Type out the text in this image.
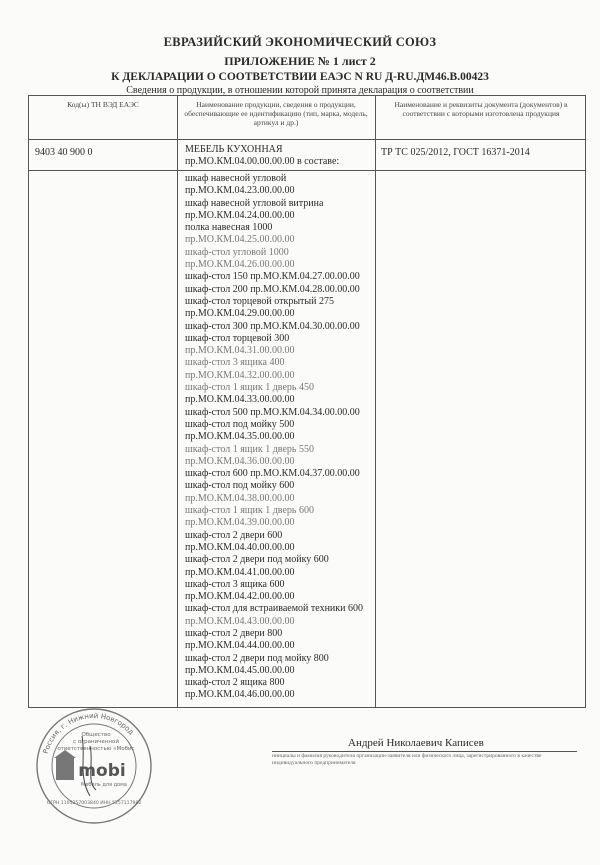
ЕВРАЗИЙСКИЙ ЭКОНОМИЧЕСКИЙ СОЮЗ
ПРИЛОЖЕНИЕ № 1 лист 2
К ДЕКЛАРАЦИИ О СООТВЕТСТВИИ ЕАЭС N RU Д-RU.ДМ46.В.00423
Сведения о продукции, в отношении которой принята декларация о соответствии
Код(ы) ТН ВЭД ЕАЭС	Наименование продукции, сведения о продукции, обеспечивающие ее идентификацию (тип, марка, модель, артикул и др.)
Наименование и реквизиты документа (документов) в соответствии с которыми изготовлена продукция
9403 40 900 0	МЕБЕЛЬ КУХОННАЯ
пр.МО.КМ.04.00.00.00.00 в составе:
ТР ТС 025/2012, ГОСТ 16371-2014
шкаф навесной угловой
пр.МО.КМ.04.23.00.00.00
шкаф навесной угловой витрина
пр.МО.КМ.04.24.00.00.00
полка навесная 1000
пр.МО.КМ.04.25.00.00.00
шкаф-стол угловой 1000
пр.МО.КМ.04.26.00.00.00
шкаф-стол 150 пр.МО.КМ.04.27.00.00.00
шкаф-стол 200 пр.МО.КМ.04.28.00.00.00
шкаф-стол торцевой открытый 275
пр.МО.КМ.04.29.00.00.00
шкаф-стол 300 пр.МО.КМ.04.30.00.00.00
шкаф-стол торцевой 300
пр.МО.КМ.04.31.00.00.00
шкаф-стол 3 ящика 400
пр.МО.КМ.04.32.00.00.00
шкаф-стол 1 ящик 1 дверь 450
пр.МО.КМ.04.33.00.00.00
шкаф-стол 500 пр.МО.КМ.04.34.00.00.00
шкаф-стол под мойку 500
пр.МО.КМ.04.35.00.00.00
шкаф-стол 1 ящик 1 дверь 550
пр.МО.КМ.04.36.00.00.00
шкаф-стол 600 пр.МО.КМ.04.37.00.00.00
шкаф-стол под мойку 600
пр.МО.КМ.04.38.00.00.00
шкаф-стол 1 ящик 1 дверь 600
пр.МО.КМ.04.39.00.00.00
шкаф-стол 2 двери 600
пр.МО.КМ.04.40.00.00.00
шкаф-стол 2 двери под мойку 600
пр.МО.КМ.04.41.00.00.00
шкаф-стол 3 ящика 600
пр.МО.КМ.04.42.00.00.00
шкаф-стол для встраиваемой техники 600
пр.МО.КМ.04.43.00.00.00
шкаф-стол 2 двери 800
пр.МО.КМ.04.44.00.00.00
шкаф-стол 2 двери под мойку 800
пр.МО.КМ.04.45.00.00.00
шкаф-стол 2 ящика 800
пр.МО.КМ.04.46.00.00.00
Россия, г. Нижний Новгород
Общество
с ограниченной
ответственностью «Мобис
mobi
Мебель для дома
ОГРН 1105257003840 ИНН 5257117982
Андрей Николаевич Каписев
инициалы и фамилия руководителя организации-заявителя или физического лица, зарегистрированного в качестве индивидуального предпринимателя
